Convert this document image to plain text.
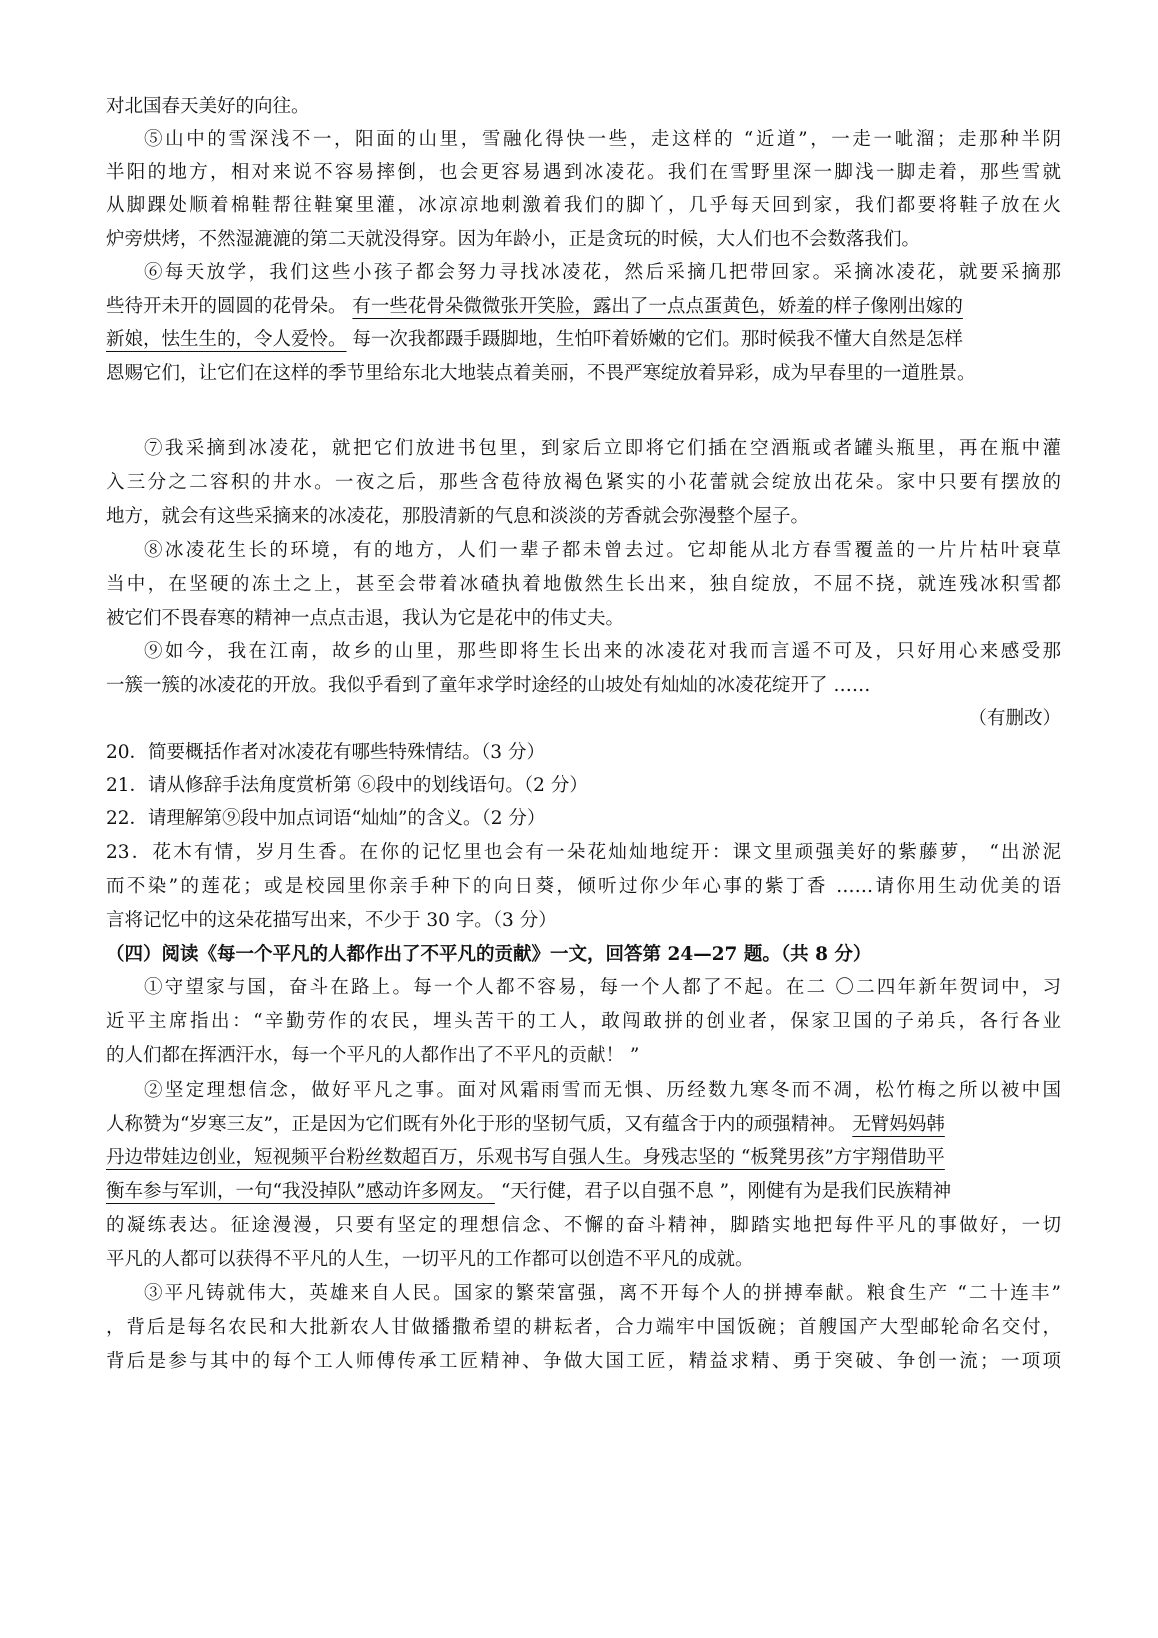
对北国春天美好的向往。
⑤山中的雪深浅不一，阳面的山里，雪融化得快一些，走这样的 “近道”，一走一呲溜；走那种半阴
半阳的地方，相对来说不容易摔倒，也会更容易遇到冰凌花。我们在雪野里深一脚浅一脚走着，那些雪就
从脚踝处顺着棉鞋帮往鞋窠里灌，冰凉凉地刺激着我们的脚丫，几乎每天回到家，我们都要将鞋子放在火
炉旁烘烤，不然湿漉漉的第二天就没得穿。因为年龄小，正是贪玩的时候，大人们也不会数落我们。
⑥每天放学，我们这些小孩子都会努力寻找冰凌花，然后采摘几把带回家。采摘冰凌花，就要采摘那
些待开未开的圆圆的花骨朵。 有一些花骨朵微微张开笑脸，露出了一点点蛋黄色，娇羞的样子像刚出嫁的
新娘，怯生生的，令人爱怜。 每一次我都蹑手蹑脚地，生怕吓着娇嫩的它们。那时候我不懂大自然是怎样
恩赐它们，让它们在这样的季节里给东北大地装点着美丽，不畏严寒绽放着异彩，成为早春里的一道胜景。
⑦我采摘到冰凌花，就把它们放进书包里，到家后立即将它们插在空酒瓶或者罐头瓶里，再在瓶中灌
入三分之二容积的井水。一夜之后，那些含苞待放褐色紧实的小花蕾就会绽放出花朵。家中只要有摆放的
地方，就会有这些采摘来的冰凌花，那股清新的气息和淡淡的芳香就会弥漫整个屋子。
⑧冰凌花生长的环境，有的地方，人们一辈子都未曾去过。它却能从北方春雪覆盖的一片片枯叶衰草
当中，在坚硬的冻土之上，甚至会带着冰碴执着地傲然生长出来，独自绽放，不屈不挠，就连残冰积雪都
被它们不畏春寒的精神一点点击退，我认为它是花中的伟丈夫。
⑨如今，我在江南，故乡的山里，那些即将生长出来的冰凌花对我而言遥不可及，只好用心来感受那
一簇一簇的冰凌花的开放。我似乎看到了童年求学时途经的山坡处有灿灿的冰凌花绽开了 ……
（有删改）
20．简要概括作者对冰凌花有哪些特殊情结。（3 分）
21．请从修辞手法角度赏析第 ⑥段中的划线语句。（2 分）
22．请理解第⑨段中加点词语“灿灿”的含义。（2 分）
23．花木有情，岁月生香。在你的记忆里也会有一朵花灿灿地绽开：课文里顽强美好的紫藤萝， “出淤泥
而不染”的莲花；或是校园里你亲手种下的向日葵，倾听过你少年心事的紫丁香 ……请你用生动优美的语
言将记忆中的这朵花描写出来，不少于 30 字。（3 分）
（四）阅读《每一个平凡的人都作出了不平凡的贡献》一文，回答第 24—27 题。（共 8 分）
①守望家与国，奋斗在路上。每一个人都不容易，每一个人都了不起。在二 〇二四年新年贺词中，习
近平主席指出：“辛勤劳作的农民，埋头苦干的工人，敢闯敢拼的创业者，保家卫国的子弟兵，各行各业
的人们都在挥洒汗水，每一个平凡的人都作出了不平凡的贡献！ ”
②坚定理想信念，做好平凡之事。面对风霜雨雪而无惧、历经数九寒冬而不凋，松竹梅之所以被中国
人称赞为“岁寒三友”，正是因为它们既有外化于形的坚韧气质，又有蕴含于内的顽强精神。 无臂妈妈韩
丹边带娃边创业，短视频平台粉丝数超百万，乐观书写自强人生。身残志坚的 “板凳男孩”方宇翔借助平
衡车参与军训，一句“我没掉队”感动许多网友。 “天行健，君子以自强不息 ”，刚健有为是我们民族精神
的凝练表达。征途漫漫，只要有坚定的理想信念、不懈的奋斗精神，脚踏实地把每件平凡的事做好，一切
平凡的人都可以获得不平凡的人生，一切平凡的工作都可以创造不平凡的成就。
③平凡铸就伟大，英雄来自人民。国家的繁荣富强，离不开每个人的拼搏奉献。粮食生产 “二十连丰”
，背后是每名农民和大批新农人甘做播撒希望的耕耘者，合力端牢中国饭碗；首艘国产大型邮轮命名交付，
背后是参与其中的每个工人师傅传承工匠精神、争做大国工匠，精益求精、勇于突破、争创一流；一项项
